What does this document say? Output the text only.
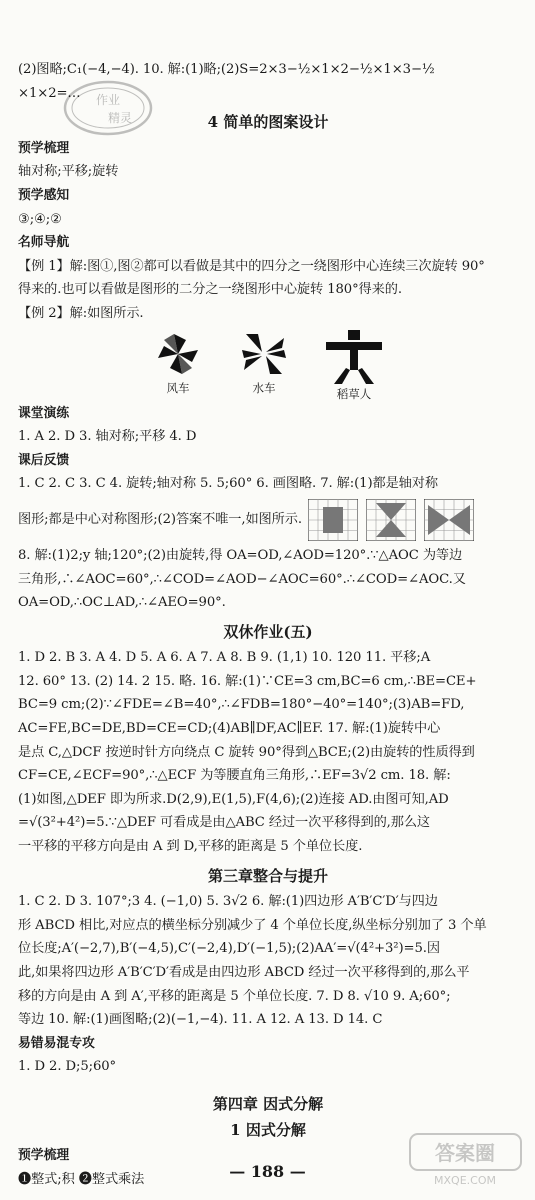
作业
精灵
(2)图略;C₁(−4,−4). 10. 解:(1)略;(2)S=2×3−½×1×2−½×1×3−½
×1×2=…
4 简单的图案设计
预学梳理
轴对称;平移;旋转
预学感知
③;④;②
名师导航
【例 1】解:图①,图②都可以看做是其中的四分之一绕图形中心连续三次旋转 90°
得来的.也可以看做是图形的二分之一绕图形中心旋转 180°得来的.
【例 2】解:如图所示.
风车	水车	稻草人
课堂演练
1. A 2. D 3. 轴对称;平移 4. D
课后反馈
1. C 2. C 3. C 4. 旋转;轴对称 5. 5;60° 6. 画图略. 7. 解:(1)都是轴对称
图形;都是中心对称图形;(2)答案不唯一,如图所示.
8. 解:(1)2;y 轴;120°;(2)由旋转,得 OA=OD,∠AOD=120°.∵△AOC 为等边
三角形,∴∠AOC=60°,∴∠COD=∠AOD−∠AOC=60°.∴∠COD=∠AOC.又
OA=OD,∴OC⊥AD,∴∠AEO=90°.
双休作业(五)
1. D 2. B 3. A 4. D 5. A 6. A 7. A 8. B 9. (1,1) 10. 120 11. 平移;A
12. 60° 13. (2) 14. 2 15. 略. 16. 解:(1)∵CE=3 cm,BC=6 cm,∴BE=CE+
BC=9 cm;(2)∵∠FDE=∠B=40°,∴∠FDB=180°−40°=140°;(3)AB=FD,
AC=FE,BC=DE,BD=CE=CD;(4)AB∥DF,AC∥EF. 17. 解:(1)旋转中心
是点 C,△DCF 按逆时针方向绕点 C 旋转 90°得到△BCE;(2)由旋转的性质得到
CF=CE,∠ECF=90°,∴△ECF 为等腰直角三角形,∴EF=3√2 cm. 18. 解:
(1)如图,△DEF 即为所求.D(2,9),E(1,5),F(4,6);(2)连接 AD.由图可知,AD
=√(3²+4²)=5.∵△DEF 可看成是由△ABC 经过一次平移得到的,那么这
一平移的平移方向是由 A 到 D,平移的距离是 5 个单位长度.
第三章整合与提升
1. C 2. D 3. 107°;3 4. (−1,0) 5. 3√2 6. 解:(1)四边形 A′B′C′D′与四边
形 ABCD 相比,对应点的横坐标分别减少了 4 个单位长度,纵坐标分别加了 3 个单
位长度;A′(−2,7),B′(−4,5),C′(−2,4),D′(−1,5);(2)AA′=√(4²+3²)=5.因
此,如果将四边形 A′B′C′D′看成是由四边形 ABCD 经过一次平移得到的,那么平
移的方向是由 A 到 A′,平移的距离是 5 个单位长度. 7. D 8. √10 9. A;60°;
等边 10. 解:(1)画图略;(2)(−1,−4). 11. A 12. A 13. D 14. C
易错易混专攻
1. D 2. D;5;60°
第四章 因式分解
1 因式分解
预学梳理
❶整式;积 ❷整式乘法	— 188 —
答案圈
MXQE.COM
